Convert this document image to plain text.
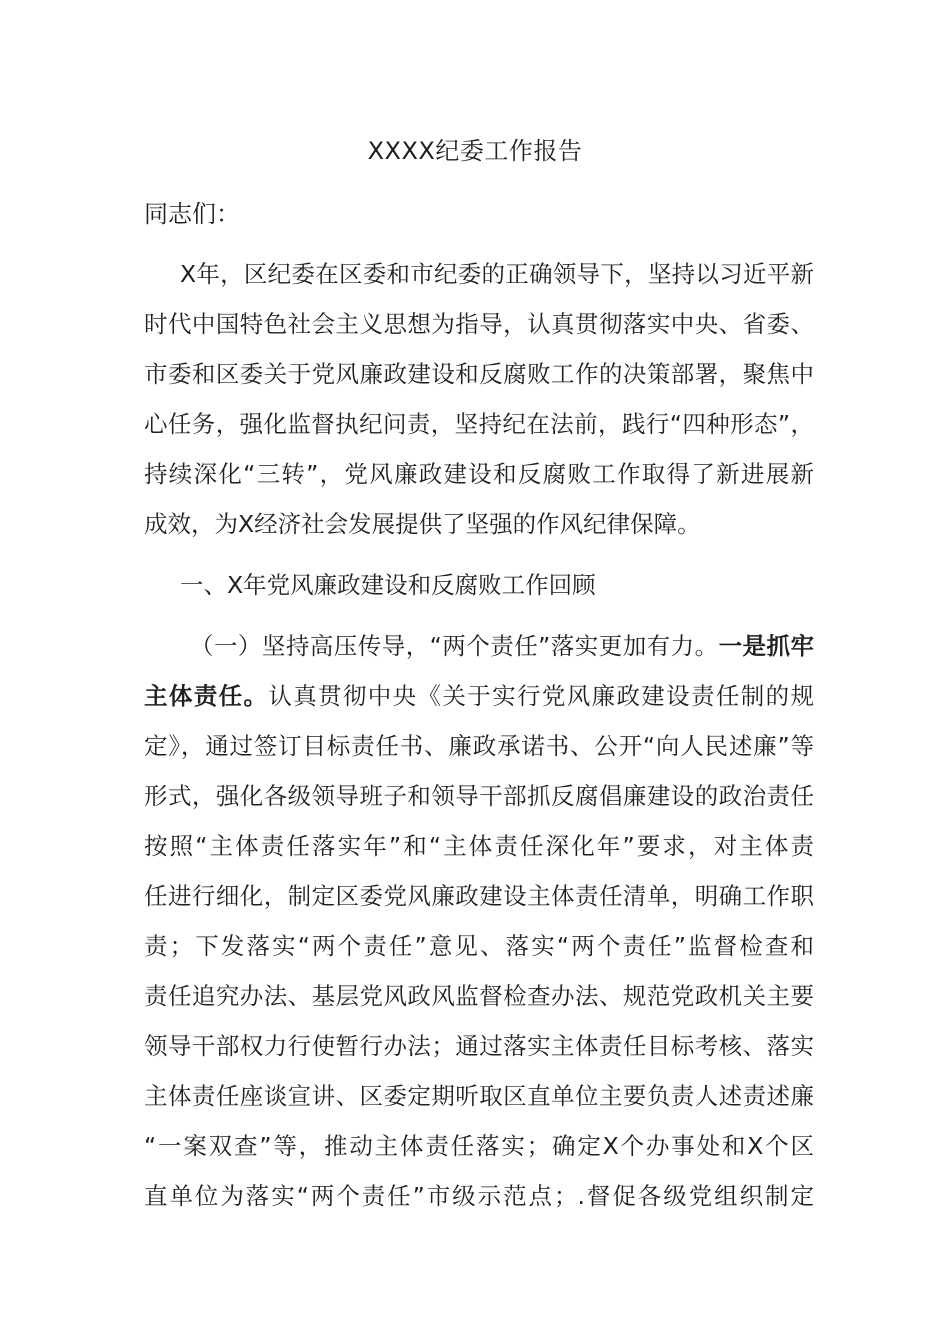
XXXX纪委工作报告
同志们：
X年，区纪委在区委和市纪委的正确领导下，坚持以习近平新
时代中国特色社会主义思想为指导，认真贯彻落实中央、省委、
市委和区委关于党风廉政建设和反腐败工作的决策部署，聚焦中
心任务，强化监督执纪问责，坚持纪在法前，践行“四种形态”，
持续深化“三转”，党风廉政建设和反腐败工作取得了新进展新
成效，为X经济社会发展提供了坚强的作风纪律保障。
一、X年党风廉政建设和反腐败工作回顾
（一）坚持高压传导，“两个责任”落实更加有力。一是抓牢
主体责任。认真贯彻中央《关于实行党风廉政建设责任制的规
定》，通过签订目标责任书、廉政承诺书、公开“向人民述廉”等
形式，强化各级领导班子和领导干部抓反腐倡廉建设的政治责任
按照“主体责任落实年”和“主体责任深化年”要求，对主体责
任进行细化，制定区委党风廉政建设主体责任清单，明确工作职
责；下发落实“两个责任”意见、落实“两个责任”监督检查和
责任追究办法、基层党风政风监督检查办法、规范党政机关主要
领导干部权力行使暂行办法；通过落实主体责任目标考核、落实
主体责任座谈宣讲、区委定期听取区直单位主要负责人述责述廉
“一案双查”等，推动主体责任落实；确定X个办事处和X个区
直单位为落实“两个责任”市级示范点；.督促各级党组织制定
